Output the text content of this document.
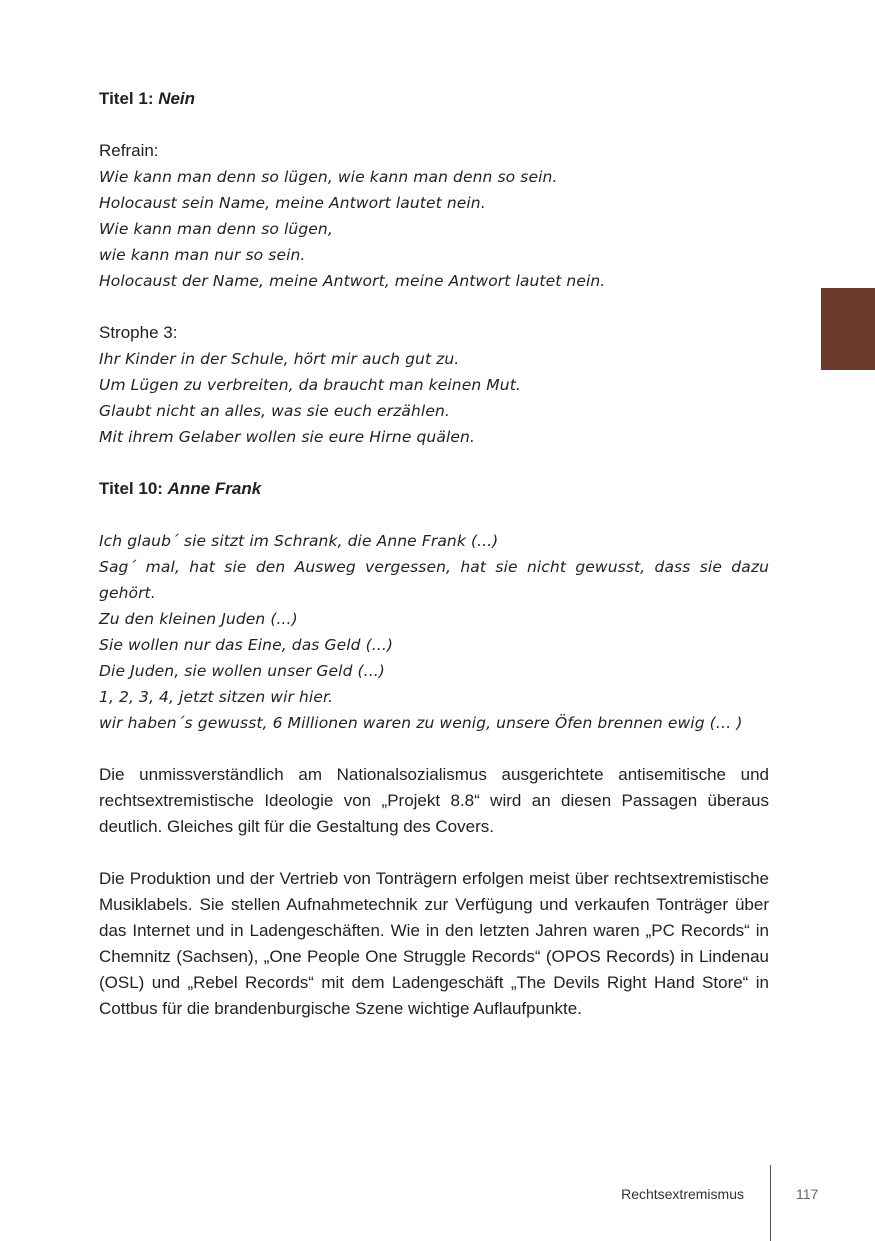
Titel 1: Nein

Refrain:

Wie kann man denn so lügen, wie kann man denn so sein.

Holocaust sein Name, meine Antwort lautet nein.

Wie kann man denn so lügen,

wie kann man nur so sein.

Holocaust der Name, meine Antwort, meine Antwort lautet nein.

Strophe 3:

Ihr Kinder in der Schule, hört mir auch gut zu.

Um Lügen zu verbreiten, da braucht man keinen Mut.

Glaubt nicht an alles, was sie euch erzählen.

Mit ihrem Gelaber wollen sie eure Hirne quälen.

Titel 10: Anne Frank

Ich glaub´ sie sitzt im Schrank, die Anne Frank (...)

Sag´ mal, hat sie den Ausweg vergessen, hat sie nicht gewusst, dass sie dazu gehört.

Zu den kleinen Juden (...)

Sie wollen nur das Eine, das Geld (...)

Die Juden, sie wollen unser Geld (...)

1, 2, 3, 4, jetzt sitzen wir hier.

wir haben´s gewusst, 6 Millionen waren zu wenig, unsere Öfen brennen ewig (… )

Die unmissverständlich am Nationalsozialismus ausgerichtete antisemitische und rechtsextremistische Ideologie von „Projekt 8.8“ wird an diesen Passagen überaus deutlich. Gleiches gilt für die Gestaltung des Covers.

Die Produktion und der Vertrieb von Tonträgern erfolgen meist über rechtsextremistische Musiklabels. Sie stellen Aufnahmetechnik zur Verfügung und verkaufen Tonträger über das Internet und in Ladengeschäften. Wie in den letzten Jahren waren „PC Records“ in Chemnitz (Sachsen), „One People One Struggle Records“ (OPOS Records) in Lindenau (OSL) und „Rebel Records“ mit dem Ladengeschäft „The Devils Right Hand Store“ in Cottbus für die brandenburgische Szene wichtige Auflaufpunkte.

Rechtsextremismus	117
